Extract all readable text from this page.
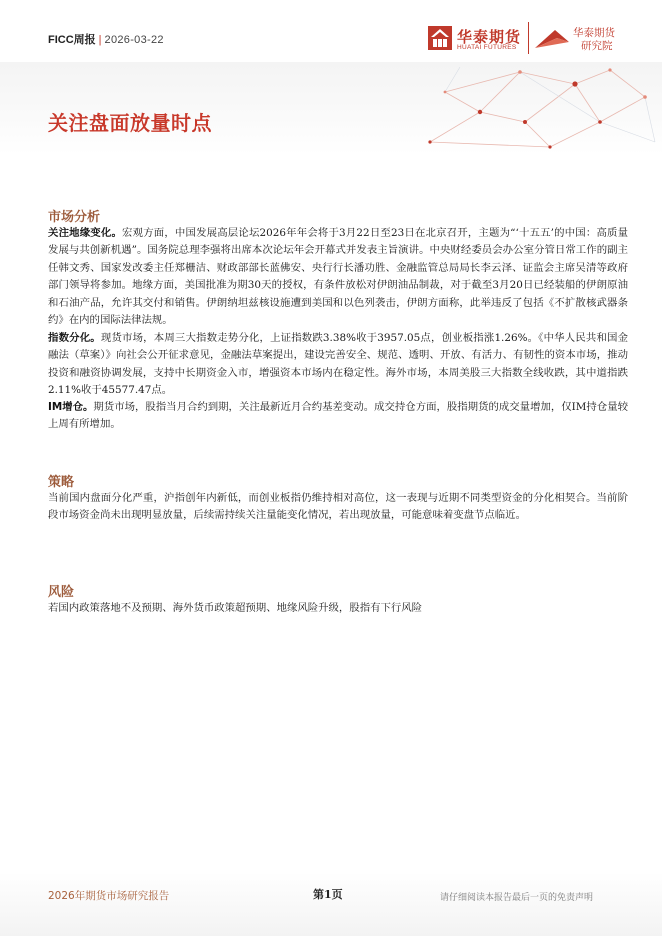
FICC周报 | 2026-03-22	华泰期货
HUATAI FUTURES
华泰期货
研究院
关注盘面放量时点
市场分析
关注地缘变化。宏观方面，中国发展高层论坛2026年年会将于3月22日至23日在北京召开，主题为“‘十五五’的中国：高质量发展与共创新机遇”。国务院总理李强将出席本次论坛年会开幕式并发表主旨演讲。中央财经委员会办公室分管日常工作的副主任韩文秀、国家发改委主任郑栅洁、财政部部长蓝佛安、央行行长潘功胜、金融监管总局局长李云泽、证监会主席吴清等政府部门领导将参加。地缘方面，美国批准为期30天的授权，有条件放松对伊朗油品制裁，对于截至3月20日已经装船的伊朗原油和石油产品，允许其交付和销售。伊朗纳坦兹核设施遭到美国和以色列袭击，伊朗方面称，此举违反了包括《不扩散核武器条约》在内的国际法律法规。
指数分化。现货市场，本周三大指数走势分化，上证指数跌3.38%收于3957.05点，创业板指涨1.26%。《中华人民共和国金融法（草案）》向社会公开征求意见，金融法草案提出，建设完善安全、规范、透明、开放、有活力、有韧性的资本市场，推动投资和融资协调发展，支持中长期资金入市，增强资本市场内在稳定性。海外市场，本周美股三大指数全线收跌，其中道指跌2.11%收于45577.47点。
IM增仓。期货市场，股指当月合约到期，关注最新近月合约基差变动。成交持仓方面，股指期货的成交量增加，仅IM持仓量较上周有所增加。
策略
当前国内盘面分化严重，沪指创年内新低，而创业板指仍维持相对高位，这一表现与近期不同类型资金的分化相契合。当前阶段市场资金尚未出现明显放量，后续需持续关注量能变化情况，若出现放量，可能意味着变盘节点临近。
风险
若国内政策落地不及预期、海外货币政策超预期、地缘风险升级，股指有下行风险
2026年期货市场研究报告	第1页	请仔细阅读本报告最后一页的免责声明
